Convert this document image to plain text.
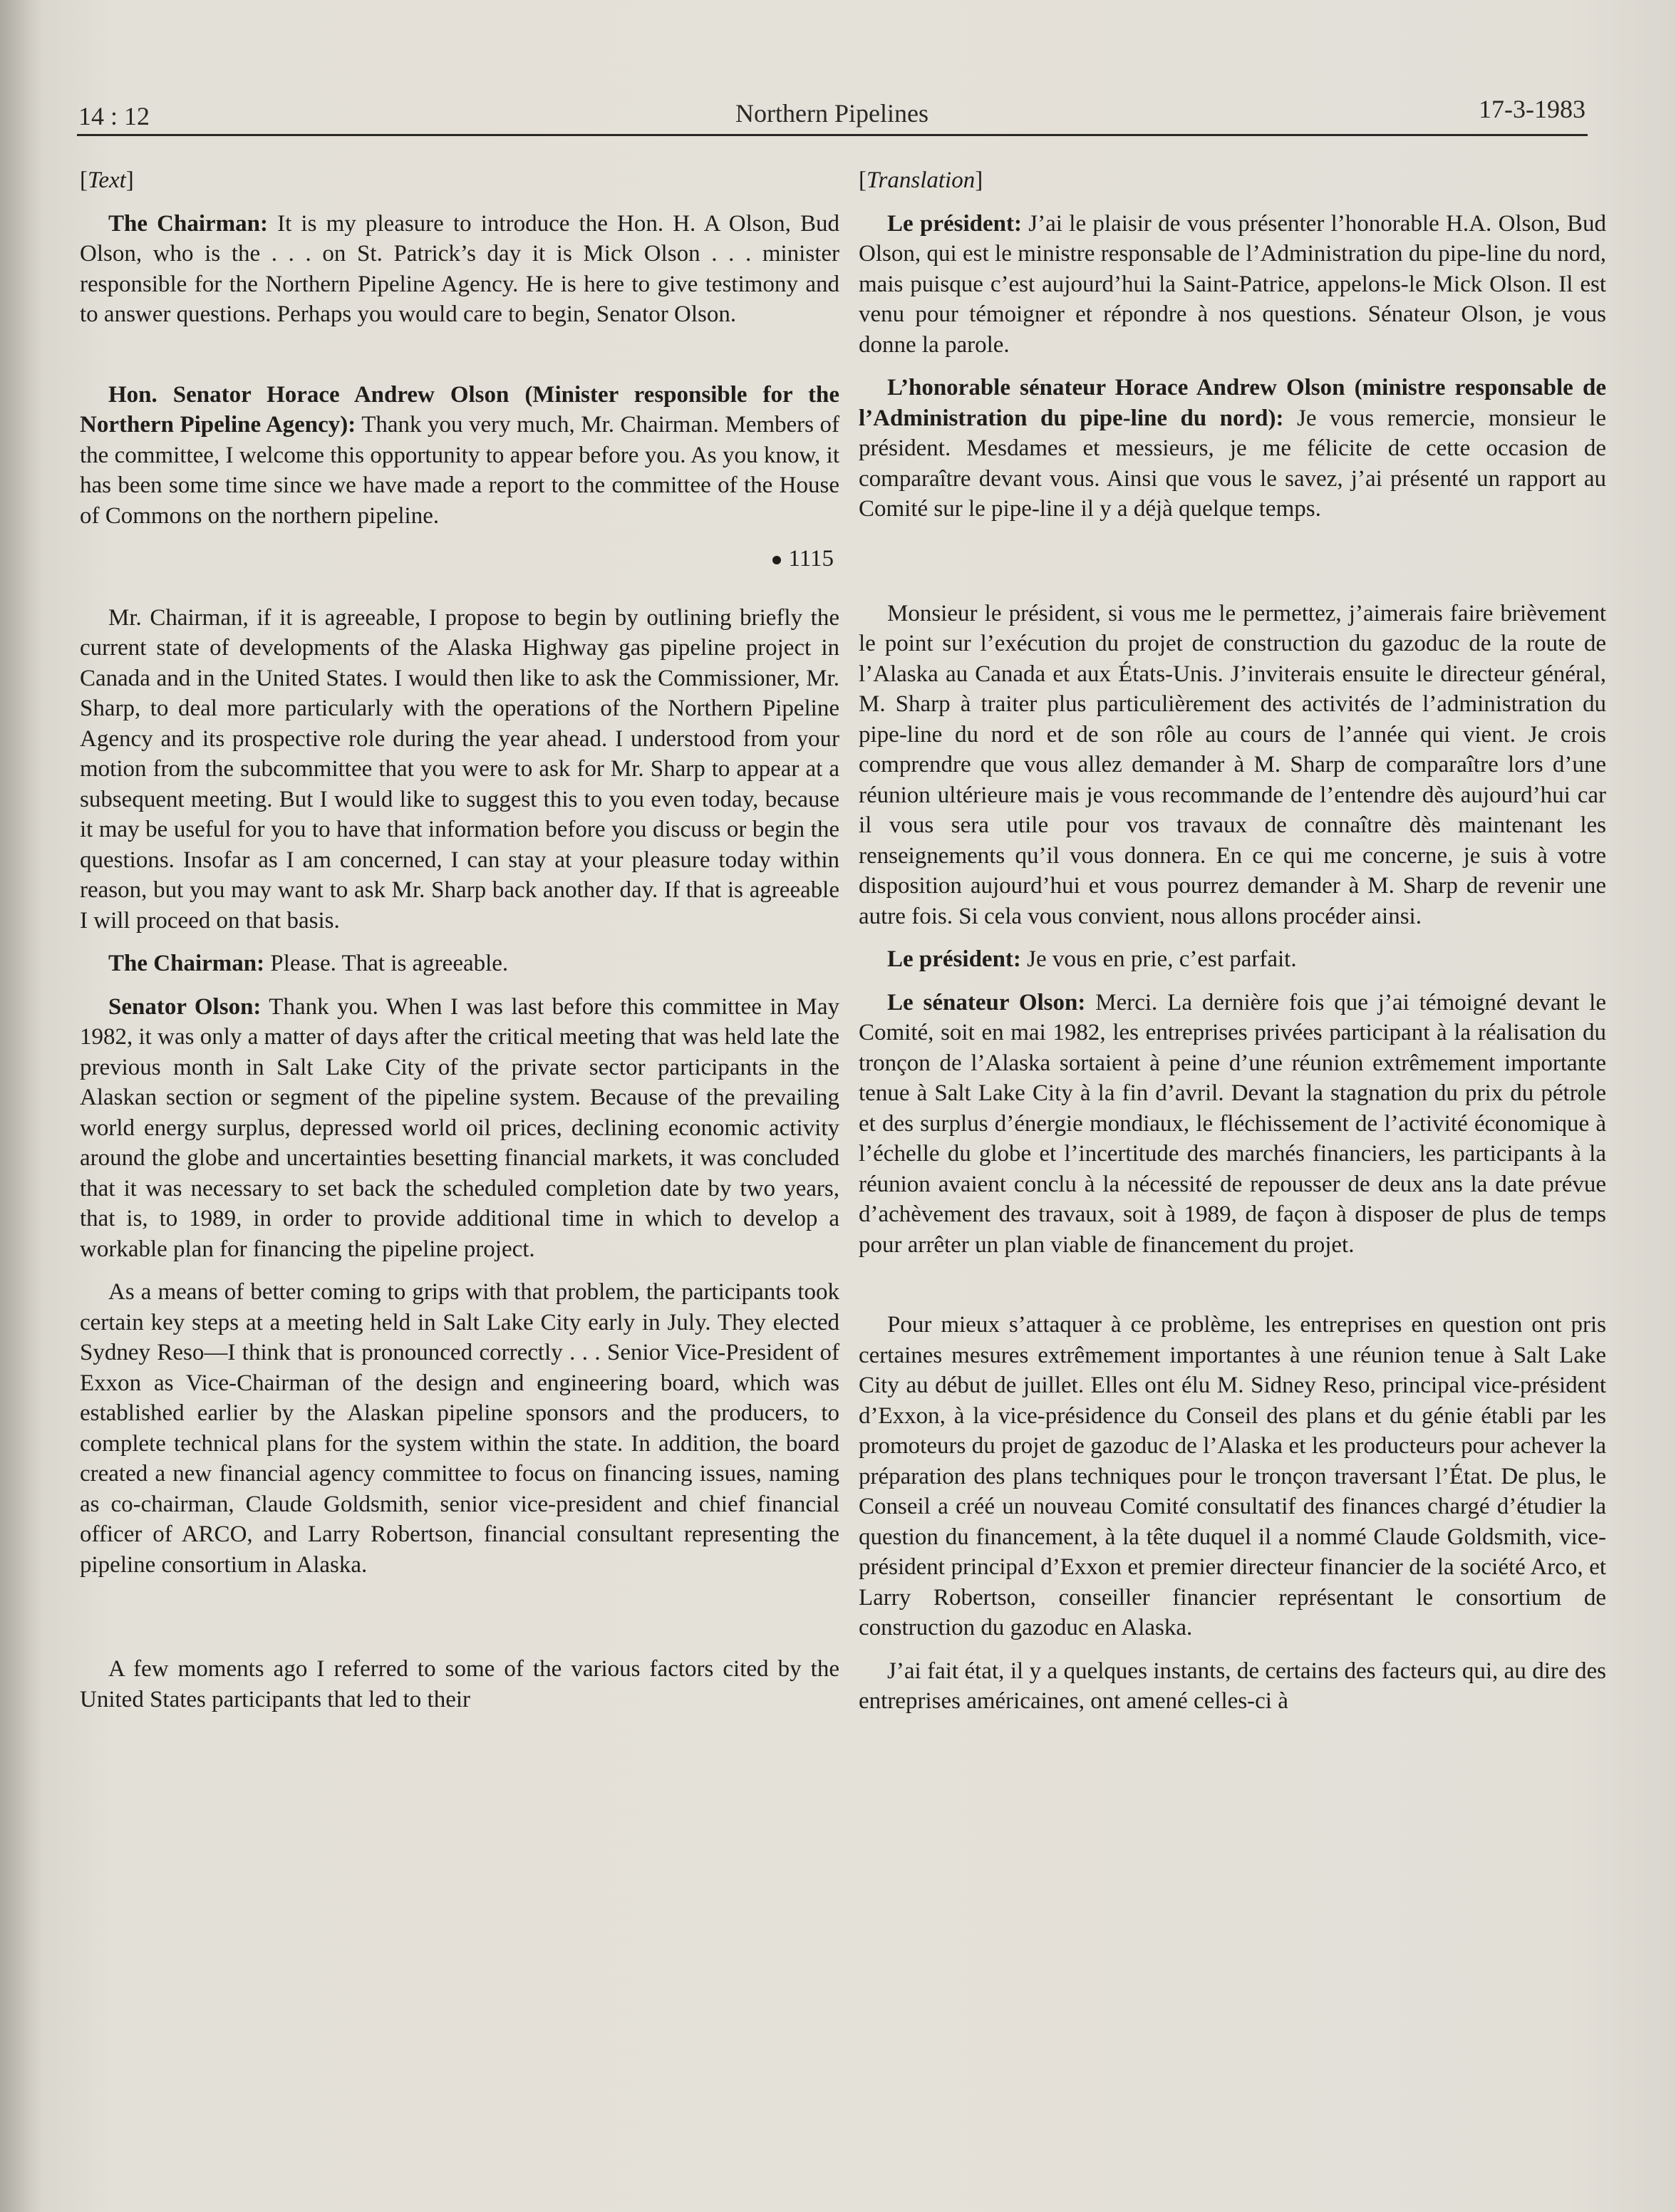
14 : 12	Northern Pipelines	17-3-1983

[Text]

The Chairman: It is my pleasure to introduce the Hon. H. A Olson, Bud Olson, who is the . . . on St. Patrick’s day it is Mick Olson . . . minister responsible for the Northern Pipeline Agency. He is here to give testimony and to answer questions. Perhaps you would care to begin, Senator Olson.

Hon. Senator Horace Andrew Olson (Minister responsible for the Northern Pipeline Agency): Thank you very much, Mr. Chairman. Members of the committee, I welcome this opportunity to appear before you. As you know, it has been some time since we have made a report to the committee of the House of Commons on the northern pipeline.

1115

Mr. Chairman, if it is agreeable, I propose to begin by outlining briefly the current state of developments of the Alaska Highway gas pipeline project in Canada and in the United States. I would then like to ask the Commissioner, Mr. Sharp, to deal more particularly with the operations of the Northern Pipeline Agency and its prospective role during the year ahead. I understood from your motion from the subcommittee that you were to ask for Mr. Sharp to appear at a subsequent meeting. But I would like to suggest this to you even today, because it may be useful for you to have that information before you discuss or begin the questions. Insofar as I am concerned, I can stay at your pleasure today within reason, but you may want to ask Mr. Sharp back another day. If that is agreeable I will proceed on that basis.

The Chairman: Please. That is agreeable.

Senator Olson: Thank you. When I was last before this committee in May 1982, it was only a matter of days after the critical meeting that was held late the previous month in Salt Lake City of the private sector participants in the Alaskan section or segment of the pipeline system. Because of the prevailing world energy surplus, depressed world oil prices, declining economic activity around the globe and uncertainties besetting financial markets, it was concluded that it was necessary to set back the scheduled completion date by two years, that is, to 1989, in order to provide additional time in which to develop a workable plan for financing the pipeline project.

As a means of better coming to grips with that problem, the participants took certain key steps at a meeting held in Salt Lake City early in July. They elected Sydney Reso—I think that is pronounced correctly . . . Senior Vice-President of Exxon as Vice-Chairman of the design and engineering board, which was established earlier by the Alaskan pipeline sponsors and the producers, to complete technical plans for the system within the state. In addition, the board created a new financial agency committee to focus on financing issues, naming as co-chairman, Claude Goldsmith, senior vice-president and chief financial officer of ARCO, and Larry Robertson, financial consultant representing the pipeline consortium in Alaska.

A few moments ago I referred to some of the various factors cited by the United States participants that led to their

[Translation]

Le président: J’ai le plaisir de vous présenter l’honorable H.A. Olson, Bud Olson, qui est le ministre responsable de l’Administration du pipe-line du nord, mais puisque c’est aujourd’hui la Saint-Patrice, appelons-le Mick Olson. Il est venu pour témoigner et répondre à nos questions. Sénateur Olson, je vous donne la parole.

L’honorable sénateur Horace Andrew Olson (ministre responsable de l’Administration du pipe-line du nord): Je vous remercie, monsieur le président. Mesdames et messieurs, je me félicite de cette occasion de comparaître devant vous. Ainsi que vous le savez, j’ai présenté un rapport au Comité sur le pipe-line il y a déjà quelque temps.

Monsieur le président, si vous me le permettez, j’aimerais faire brièvement le point sur l’exécution du projet de construction du gazoduc de la route de l’Alaska au Canada et aux États-Unis. J’inviterais ensuite le directeur général, M. Sharp à traiter plus particulièrement des activités de l’administration du pipe-line du nord et de son rôle au cours de l’année qui vient. Je crois comprendre que vous allez demander à M. Sharp de comparaître lors d’une réunion ultérieure mais je vous recommande de l’entendre dès aujourd’hui car il vous sera utile pour vos travaux de connaître dès maintenant les renseignements qu’il vous donnera. En ce qui me concerne, je suis à votre disposition aujourd’hui et vous pourrez demander à M. Sharp de revenir une autre fois. Si cela vous convient, nous allons procéder ainsi.

Le président: Je vous en prie, c’est parfait.

Le sénateur Olson: Merci. La dernière fois que j’ai témoigné devant le Comité, soit en mai 1982, les entreprises privées participant à la réalisation du tronçon de l’Alaska sortaient à peine d’une réunion extrêmement importante tenue à Salt Lake City à la fin d’avril. Devant la stagnation du prix du pétrole et des surplus d’énergie mondiaux, le fléchissement de l’activité économique à l’échelle du globe et l’incertitude des marchés financiers, les participants à la réunion avaient conclu à la nécessité de repousser de deux ans la date prévue d’achèvement des travaux, soit à 1989, de façon à disposer de plus de temps pour arrêter un plan viable de financement du projet.

Pour mieux s’attaquer à ce problème, les entreprises en question ont pris certaines mesures extrêmement importantes à une réunion tenue à Salt Lake City au début de juillet. Elles ont élu M. Sidney Reso, principal vice-président d’Exxon, à la vice-présidence du Conseil des plans et du génie établi par les promoteurs du projet de gazoduc de l’Alaska et les producteurs pour achever la préparation des plans techniques pour le tronçon traversant l’État. De plus, le Conseil a créé un nouveau Comité consultatif des finances chargé d’étudier la question du financement, à la tête duquel il a nommé Claude Goldsmith, vice-président principal d’Exxon et premier directeur financier de la société Arco, et Larry Robertson, conseiller financier représentant le consortium de construction du gazoduc en Alaska.

J’ai fait état, il y a quelques instants, de certains des facteurs qui, au dire des entreprises américaines, ont amené celles-ci à
